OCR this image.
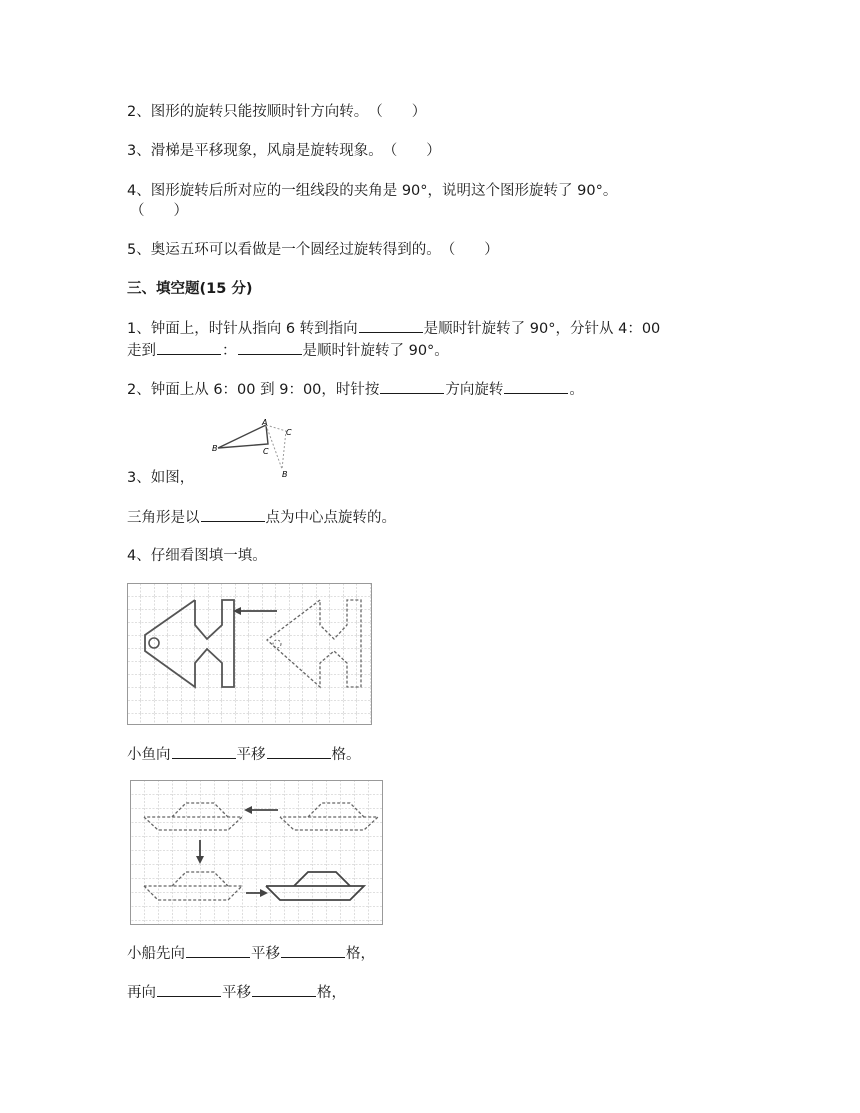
2、图形的旋转只能按顺时针方向转。（　　）
3、滑梯是平移现象，风扇是旋转现象。（　　）
4、图形旋转后所对应的一组线段的夹角是 90°，说明这个图形旋转了 90°。
（　　）
5、奥运五环可以看做是一个圆经过旋转得到的。（　　）
三、填空题(15 分)
1、钟面上，时针从指向 6 转到指向	是顺时针旋转了 90°，分针从 4：00
走到	：	是顺时针旋转了 90°。
2、钟面上从 6：00 到 9：00，时针按	方向旋转	。
A
B	C
C
B
3、如图，
三角形是以	点为中心点旋转的。
4、仔细看图填一填。
小鱼向	平移	格。
小船先向	平移	格，
再向	平移	格，
